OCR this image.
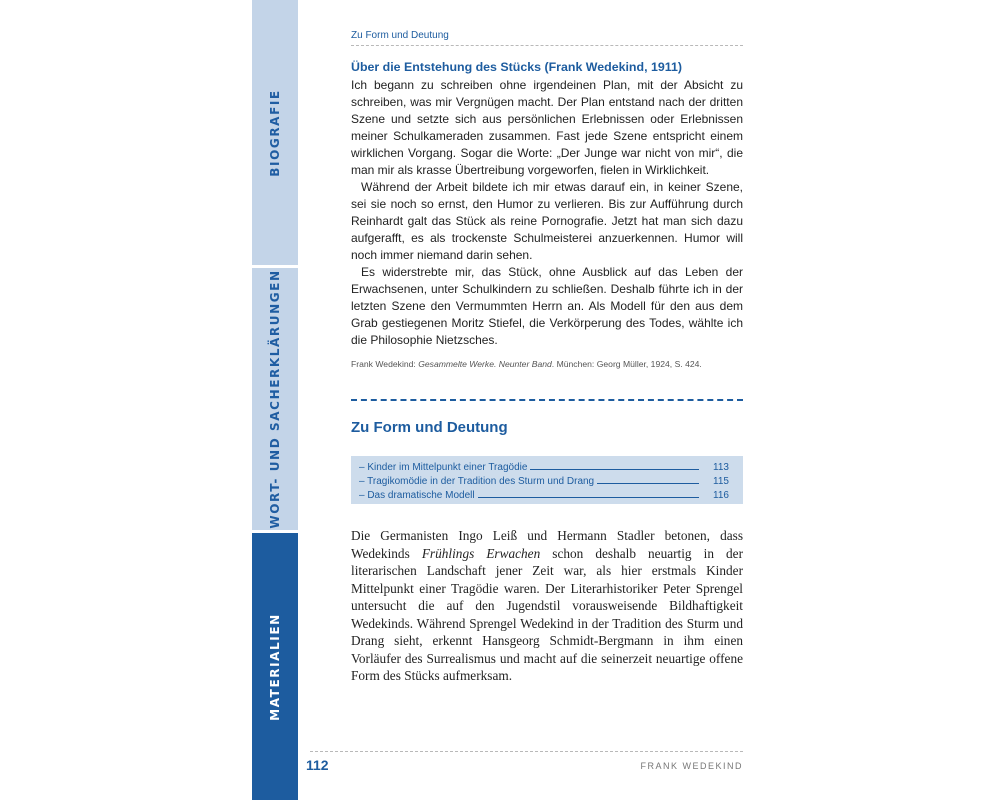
BIOGRAFIE
WORT- UND SACHERKLÄRUNGEN
MATERIALIEN
Zu Form und Deutung
Über die Entstehung des Stücks (Frank Wedekind, 1911)

Ich begann zu schreiben ohne irgendeinen Plan, mit der Absicht zu schreiben, was mir Vergnügen macht. Der Plan entstand nach der dritten Szene und setzte sich aus persönlichen Erlebnissen oder Erlebnissen meiner Schulkameraden zusammen. Fast jede Szene entspricht einem wirklichen Vorgang. Sogar die Worte: „Der Junge war nicht von mir“, die man mir als krasse Übertreibung vorgeworfen, fielen in Wirklichkeit.

Während der Arbeit bildete ich mir etwas darauf ein, in keiner Szene, sei sie noch so ernst, den Humor zu verlieren. Bis zur Aufführung durch Reinhardt galt das Stück als reine Pornografie. Jetzt hat man sich dazu aufgerafft, es als trockenste Schulmeisterei anzuerkennen. Humor will noch immer niemand darin sehen.

Es widerstrebte mir, das Stück, ohne Ausblick auf das Leben der Erwachsenen, unter Schulkindern zu schließen. Deshalb führte ich in der letzten Szene den Vermummten Herrn an. Als Modell für den aus dem Grab gestiegenen Moritz Stiefel, die Verkörperung des Todes, wählte ich die Philosophie Nietzsches.

Frank Wedekind: Gesammelte Werke. Neunter Band. München: Georg Müller, 1924, S. 424.
Zu Form und Deutung
– Kinder im Mittelpunkt einer Tragödie	113
– Tragikomödie in der Tradition des Sturm und Drang	115
– Das dramatische Modell	116

Die Germanisten Ingo Leiß und Hermann Stadler betonen, dass Wedekinds Frühlings Erwachen schon deshalb neuartig in der literarischen Landschaft jener Zeit war, als hier erstmals Kinder Mittelpunkt einer Tragödie waren. Der Literarhistoriker Peter Sprengel untersucht die auf den Jugendstil vorausweisende Bildhaftigkeit Wedekinds. Während Sprengel Wedekind in der Tradition des Sturm und Drang sieht, erkennt Hansgeorg Schmidt-Bergmann in ihm einen Vorläufer des Surrealismus und macht auf die seinerzeit neuartige offene Form des Stücks aufmerksam.

112	FRANK WEDEKIND
